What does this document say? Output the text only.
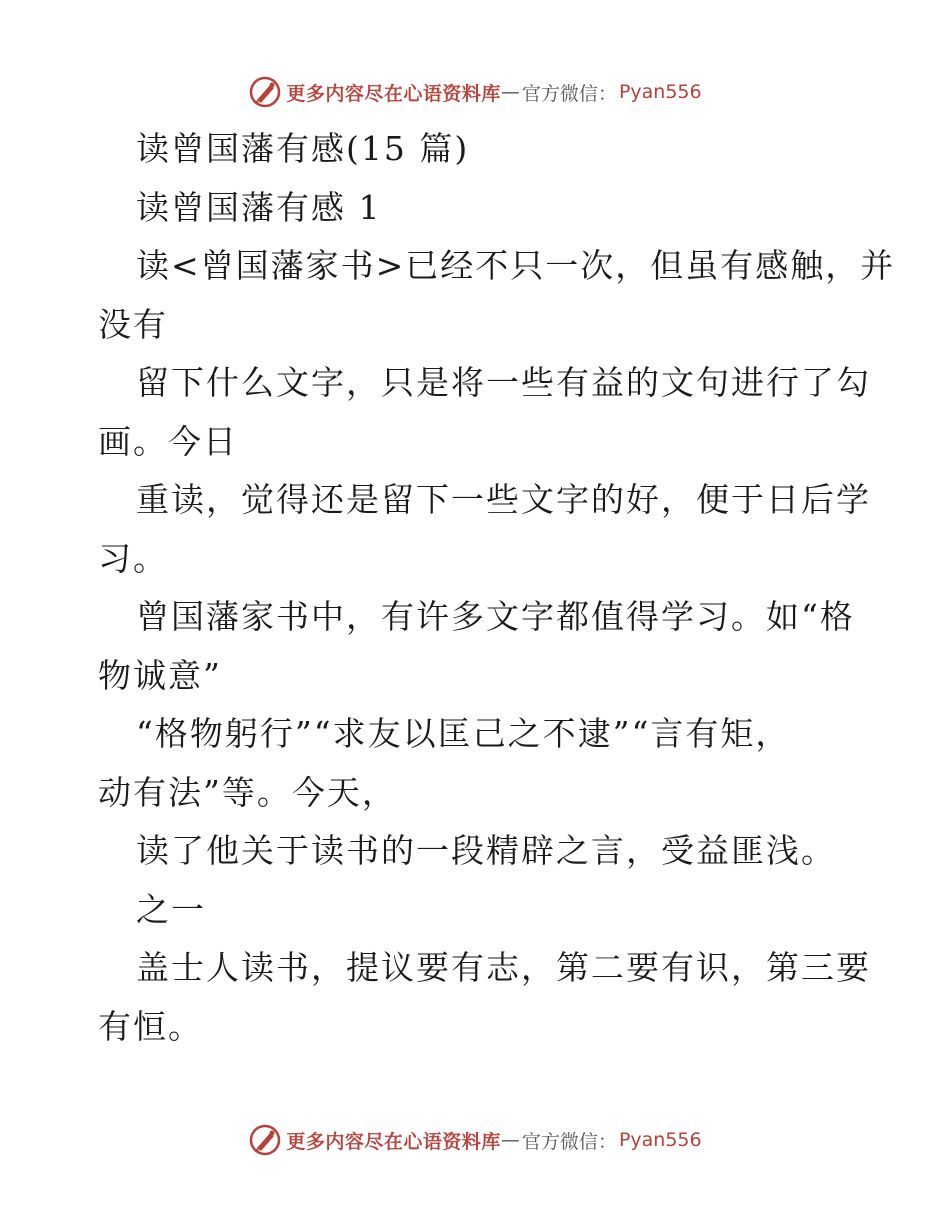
更多内容尽在心语资料库 — 官方微信： Pyan556
读曾国藩有感(15 篇)
读曾国藩有感 1
读<曾国藩家书>已经不只一次，但虽有感触，并
没有
留下什么文字，只是将一些有益的文句进行了勾
画。今日
重读，觉得还是留下一些文字的好，便于日后学
习。
曾国藩家书中，有许多文字都值得学习。如“格
物诚意”
“格物躬行”“求友以匡己之不逮”“言有矩，
动有法”等。今天，
读了他关于读书的一段精辟之言，受益匪浅。
之一
盖士人读书，提议要有志，第二要有识，第三要
有恒。
更多内容尽在心语资料库 — 官方微信： Pyan556
